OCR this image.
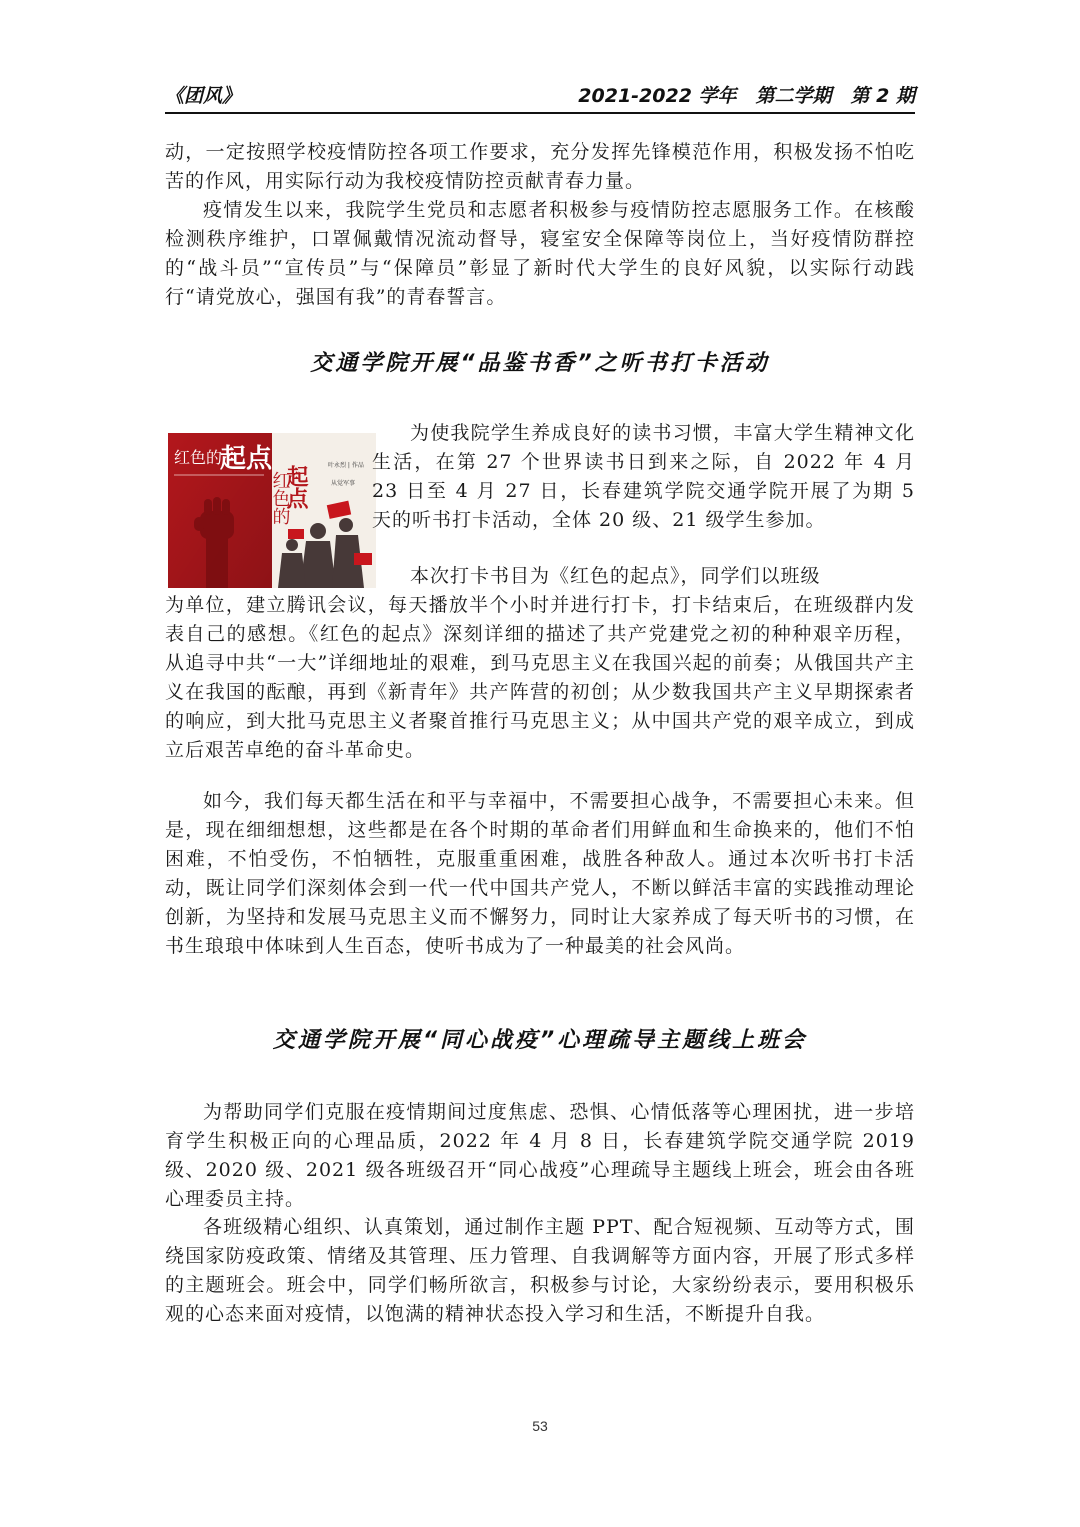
《团风》	2021-2022 学年　第二学期　第 2 期

动，一定按照学校疫情防控各项工作要求，充分发挥先锋模范作用，积极发扬不怕吃苦的作风，用实际行动为我校疫情防控贡献青春力量。

疫情发生以来，我院学生党员和志愿者积极参与疫情防控志愿服务工作。在核酸检测秩序维护，口罩佩戴情况流动督导，寝室安全保障等岗位上，当好疫情防群控的“战斗员”“宣传员”与“保障员”彰显了新时代大学生的良好风貌，以实际行动践行“请党放心，强国有我”的青春誓言。

交通学院开展“品鉴书香”之听书打卡活动
红色的
起点	叶永烈 | 作品
从觉军事
起点
红色的

为使我院学生养成良好的读书习惯，丰富大学生精神文化生活，在第 27 个世界读书日到来之际，自 2022 年 4 月 23 日至 4 月 27 日，长春建筑学院交通学院开展了为期 5 天的听书打卡活动，全体 20 级、21 级学生参加。

本次打卡书目为《红色的起点》，同学们以班级

为单位，建立腾讯会议，每天播放半个小时并进行打卡，打卡结束后，在班级群内发表自己的感想。《红色的起点》深刻详细的描述了共产党建党之初的种种艰辛历程，从追寻中共“一大”详细地址的艰难，到马克思主义在我国兴起的前奏；从俄国共产主义在我国的酝酿，再到《新青年》共产阵营的初创；从少数我国共产主义早期探索者的响应，到大批马克思主义者聚首推行马克思主义；从中国共产党的艰辛成立，到成立后艰苦卓绝的奋斗革命史。

如今，我们每天都生活在和平与幸福中，不需要担心战争，不需要担心未来。但是，现在细细想想，这些都是在各个时期的革命者们用鲜血和生命换来的，他们不怕困难，不怕受伤，不怕牺牲，克服重重困难，战胜各种敌人。通过本次听书打卡活动，既让同学们深刻体会到一代一代中国共产党人，不断以鲜活丰富的实践推动理论创新，为坚持和发展马克思主义而不懈努力，同时让大家养成了每天听书的习惯，在书生琅琅中体味到人生百态，使听书成为了一种最美的社会风尚。

交通学院开展“同心战疫”心理疏导主题线上班会

为帮助同学们克服在疫情期间过度焦虑、恐惧、心情低落等心理困扰，进一步培育学生积极正向的心理品质，2022 年 4 月 8 日，长春建筑学院交通学院 2019 级、2020 级、2021 级各班级召开“同心战疫”心理疏导主题线上班会，班会由各班心理委员主持。

各班级精心组织、认真策划，通过制作主题 PPT、配合短视频、互动等方式，围绕国家防疫政策、情绪及其管理、压力管理、自我调解等方面内容，开展了形式多样的主题班会。班会中，同学们畅所欲言，积极参与讨论，大家纷纷表示，要用积极乐观的心态来面对疫情，以饱满的精神状态投入学习和生活，不断提升自我。

53
